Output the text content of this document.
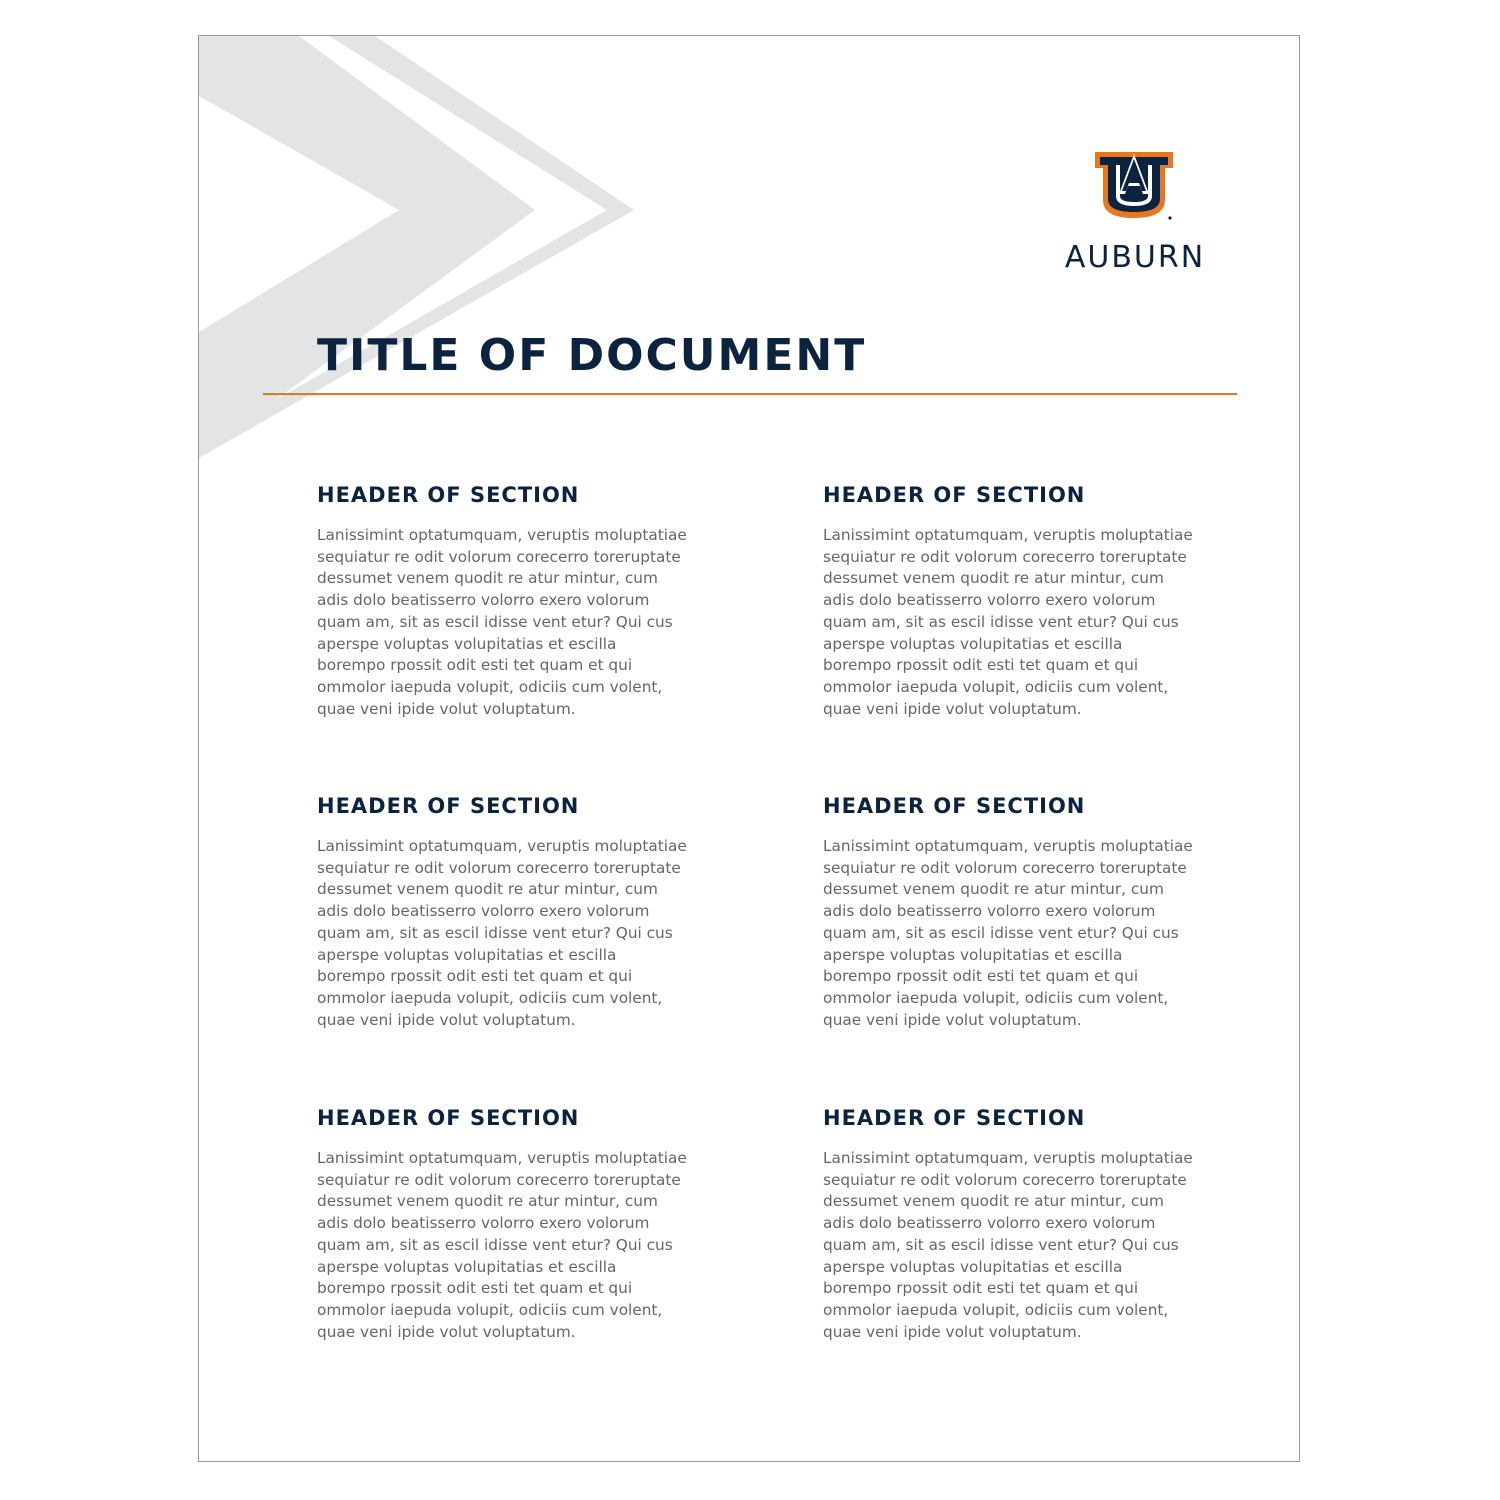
AUBURN
TITLE OF DOCUMENT
HEADER OF SECTION

Lanissimint optatumquam, veruptis moluptatiae sequiatur re odit volorum corecerro toreruptate dessumet venem quodit re atur mintur, cum adis dolo beatisserro volorro exero volorum quam am, sit as escil idisse vent etur? Qui cus aperspe voluptas volupitatias et escilla borempo rpossit odit esti tet quam et qui ommolor iaepuda volupit, odiciis cum volent, quae veni ipide volut voluptatum.

HEADER OF SECTION

Lanissimint optatumquam, veruptis moluptatiae sequiatur re odit volorum corecerro toreruptate dessumet venem quodit re atur mintur, cum adis dolo beatisserro volorro exero volorum quam am, sit as escil idisse vent etur? Qui cus aperspe voluptas volupitatias et escilla borempo rpossit odit esti tet quam et qui ommolor iaepuda volupit, odiciis cum volent, quae veni ipide volut voluptatum.

HEADER OF SECTION

Lanissimint optatumquam, veruptis moluptatiae sequiatur re odit volorum corecerro toreruptate dessumet venem quodit re atur mintur, cum adis dolo beatisserro volorro exero volorum quam am, sit as escil idisse vent etur? Qui cus aperspe voluptas volupitatias et escilla borempo rpossit odit esti tet quam et qui ommolor iaepuda volupit, odiciis cum volent, quae veni ipide volut voluptatum.

HEADER OF SECTION

Lanissimint optatumquam, veruptis moluptatiae sequiatur re odit volorum corecerro toreruptate dessumet venem quodit re atur mintur, cum adis dolo beatisserro volorro exero volorum quam am, sit as escil idisse vent etur? Qui cus aperspe voluptas volupitatias et escilla borempo rpossit odit esti tet quam et qui ommolor iaepuda volupit, odiciis cum volent, quae veni ipide volut voluptatum.

HEADER OF SECTION

Lanissimint optatumquam, veruptis moluptatiae sequiatur re odit volorum corecerro toreruptate dessumet venem quodit re atur mintur, cum adis dolo beatisserro volorro exero volorum quam am, sit as escil idisse vent etur? Qui cus aperspe voluptas volupitatias et escilla borempo rpossit odit esti tet quam et qui ommolor iaepuda volupit, odiciis cum volent, quae veni ipide volut voluptatum.

HEADER OF SECTION

Lanissimint optatumquam, veruptis moluptatiae sequiatur re odit volorum corecerro toreruptate dessumet venem quodit re atur mintur, cum adis dolo beatisserro volorro exero volorum quam am, sit as escil idisse vent etur? Qui cus aperspe voluptas volupitatias et escilla borempo rpossit odit esti tet quam et qui ommolor iaepuda volupit, odiciis cum volent, quae veni ipide volut voluptatum.
